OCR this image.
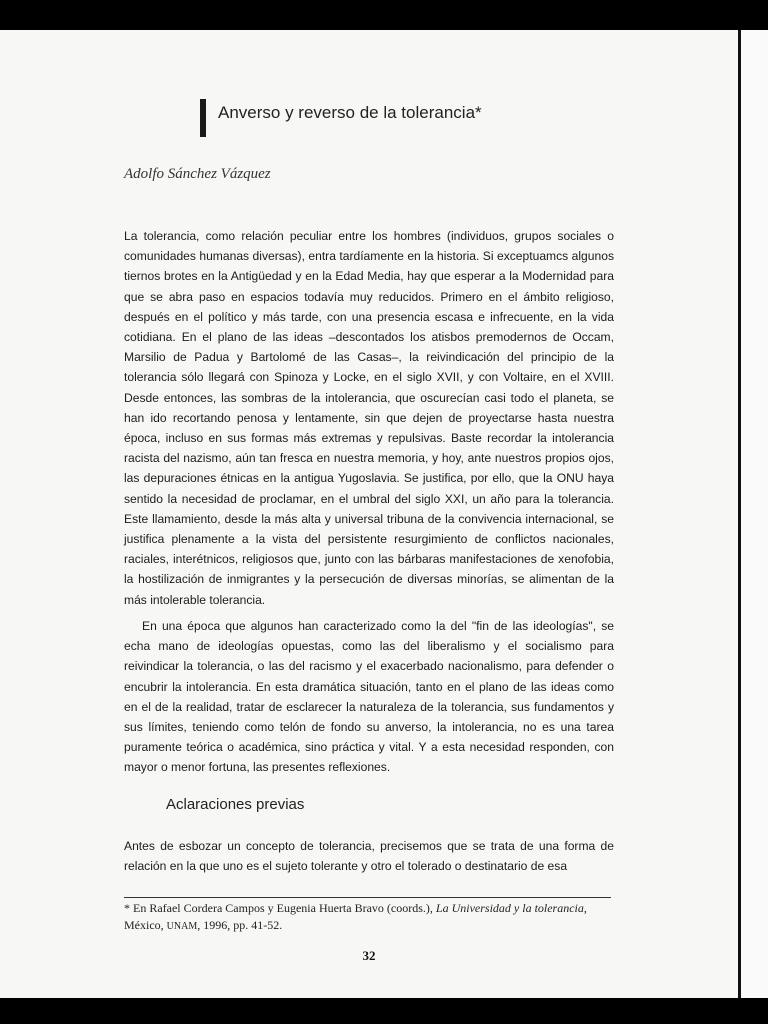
Anverso y reverso de la tolerancia*
Adolfo Sánchez Vázquez

La tolerancia, como relación peculiar entre los hombres (individuos, grupos sociales o comunidades humanas diversas), entra tardíamente en la historia. Si exceptuamcs algunos tiernos brotes en la Antigüedad y en la Edad Media, hay que esperar a la Modernidad para que se abra paso en espacios todavía muy reducidos. Primero en el ámbito religioso, después en el político y más tarde, con una presencia escasa e infrecuente, en la vida cotidiana. En el plano de las ideas –descontados los atisbos premodernos de Occam, Marsilio de Padua y Bartolomé de las Casas–, la reivindicación del principio de la tolerancia sólo llegará con Spinoza y Locke, en el siglo XVII, y con Voltaire, en el XVIII. Desde entonces, las sombras de la intolerancia, que oscurecían casi todo el planeta, se han ido recortando penosa y lentamente, sin que dejen de proyectarse hasta nuestra época, incluso en sus formas más extremas y repulsivas. Baste recordar la intolerancia racista del nazismo, aún tan fresca en nuestra memoria, y hoy, ante nuestros propios ojos, las depuraciones étnicas en la antigua Yugoslavia. Se justifica, por ello, que la ONU haya sentido la necesidad de proclamar, en el umbral del siglo XXI, un año para la tolerancia. Este llamamiento, desde la más alta y universal tribuna de la convivencia internacional, se justifica plenamente a la vista del persistente resurgimiento de conflictos nacionales, raciales, interétnicos, religiosos que, junto con las bárbaras manifestaciones de xenofobia, la hostilización de inmigrantes y la persecución de diversas minorías, se alimentan de la más intolerable tolerancia.

En una época que algunos han caracterizado como la del "fin de las ideologías", se echa mano de ideologías opuestas, como las del liberalismo y el socialismo para reivindicar la tolerancia, o las del racismo y el exacerbado nacionalismo, para defender o encubrir la intolerancia. En esta dramática situación, tanto en el plano de las ideas como en el de la realidad, tratar de esclarecer la naturaleza de la tolerancia, sus fundamentos y sus límites, teniendo como telón de fondo su anverso, la intolerancia, no es una tarea puramente teórica o académica, sino práctica y vital. Y a esta necesidad responden, con mayor o menor fortuna, las presentes reflexiones.

Aclaraciones previas

Antes de esbozar un concepto de tolerancia, precisemos que se trata de una forma de relación en la que uno es el sujeto tolerante y otro el tolerado o destinatario de esa

* En Rafael Cordera Campos y Eugenia Huerta Bravo (coords.), La Universidad y la tolerancia, México, UNAM, 1996, pp. 41-52.
32
